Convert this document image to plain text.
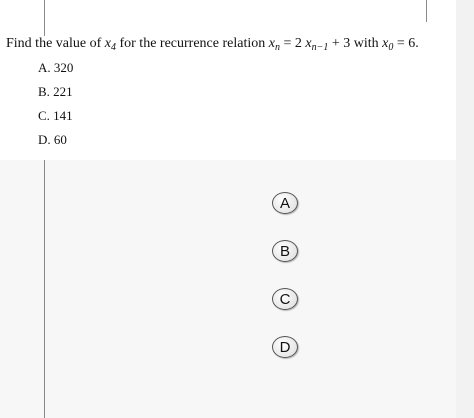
Find the value of $x_4$ for the recurrence relation $x_n = 2$ $x_{n-1} + 3$ with $x_0 = 6$.
A. 320
B. 221
C. 141
D. 60
A
B
C
D
